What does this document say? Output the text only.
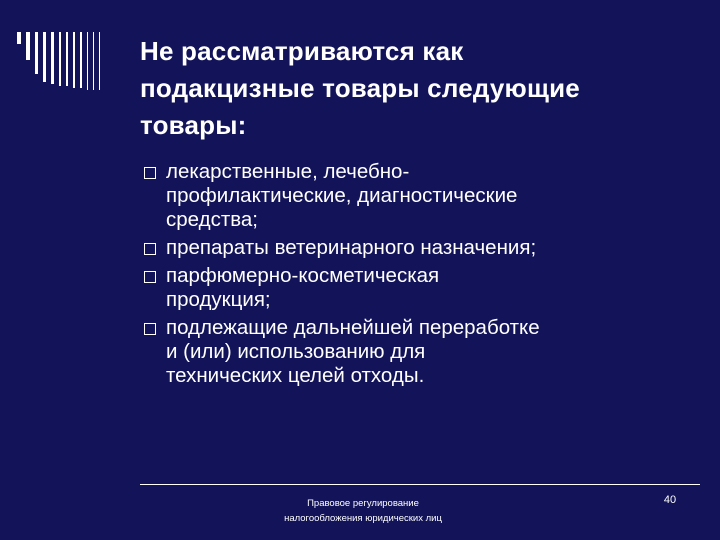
Не рассматриваются как
подакцизные товары следующие
товары:
лекарственные, лечебно-
профилактические, диагностические
средства;
препараты ветеринарного назначения;
парфюмерно-косметическая
продукция;
подлежащие дальнейшей переработке
и (или) использованию для
технических целей отходы.
Правовое регулирование
налогообложения юридических лиц
40
